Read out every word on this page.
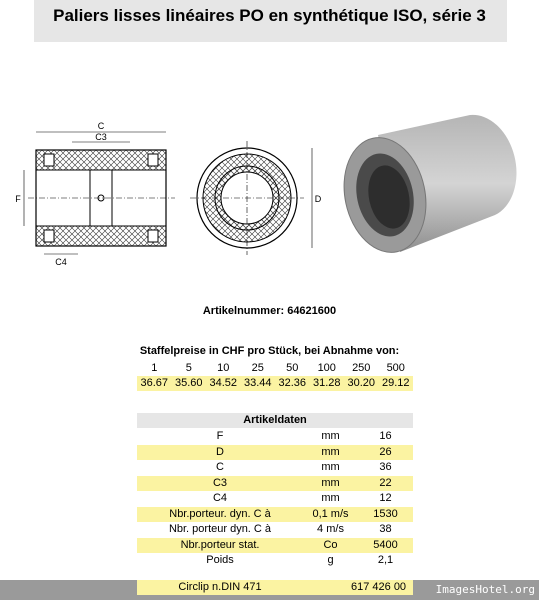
Paliers lisses linéaires PO en synthétique ISO, série 3
C
C3
C4
F	D
Artikelnummer: 64621600
Staffelpreise in CHF pro Stück, bei Abnahme von:
1	5	10	25	50	100	250	500
36.67 35.60 34.52 33.44 32.36 31.28 30.20 29.12
Artikeldaten
F	mm	16
D	mm	26
C	mm	36
C3	mm	22
C4	mm	12
Nbr.porteur. dyn. C à	0,1 m/s	1530
Nbr. porteur dyn. C à	4 m/s	38
Nbr.porteur stat.	Co	5400
Poids	g	2,1
Circlip n.DIN 471	617 426 00	ImagesHotel.org
